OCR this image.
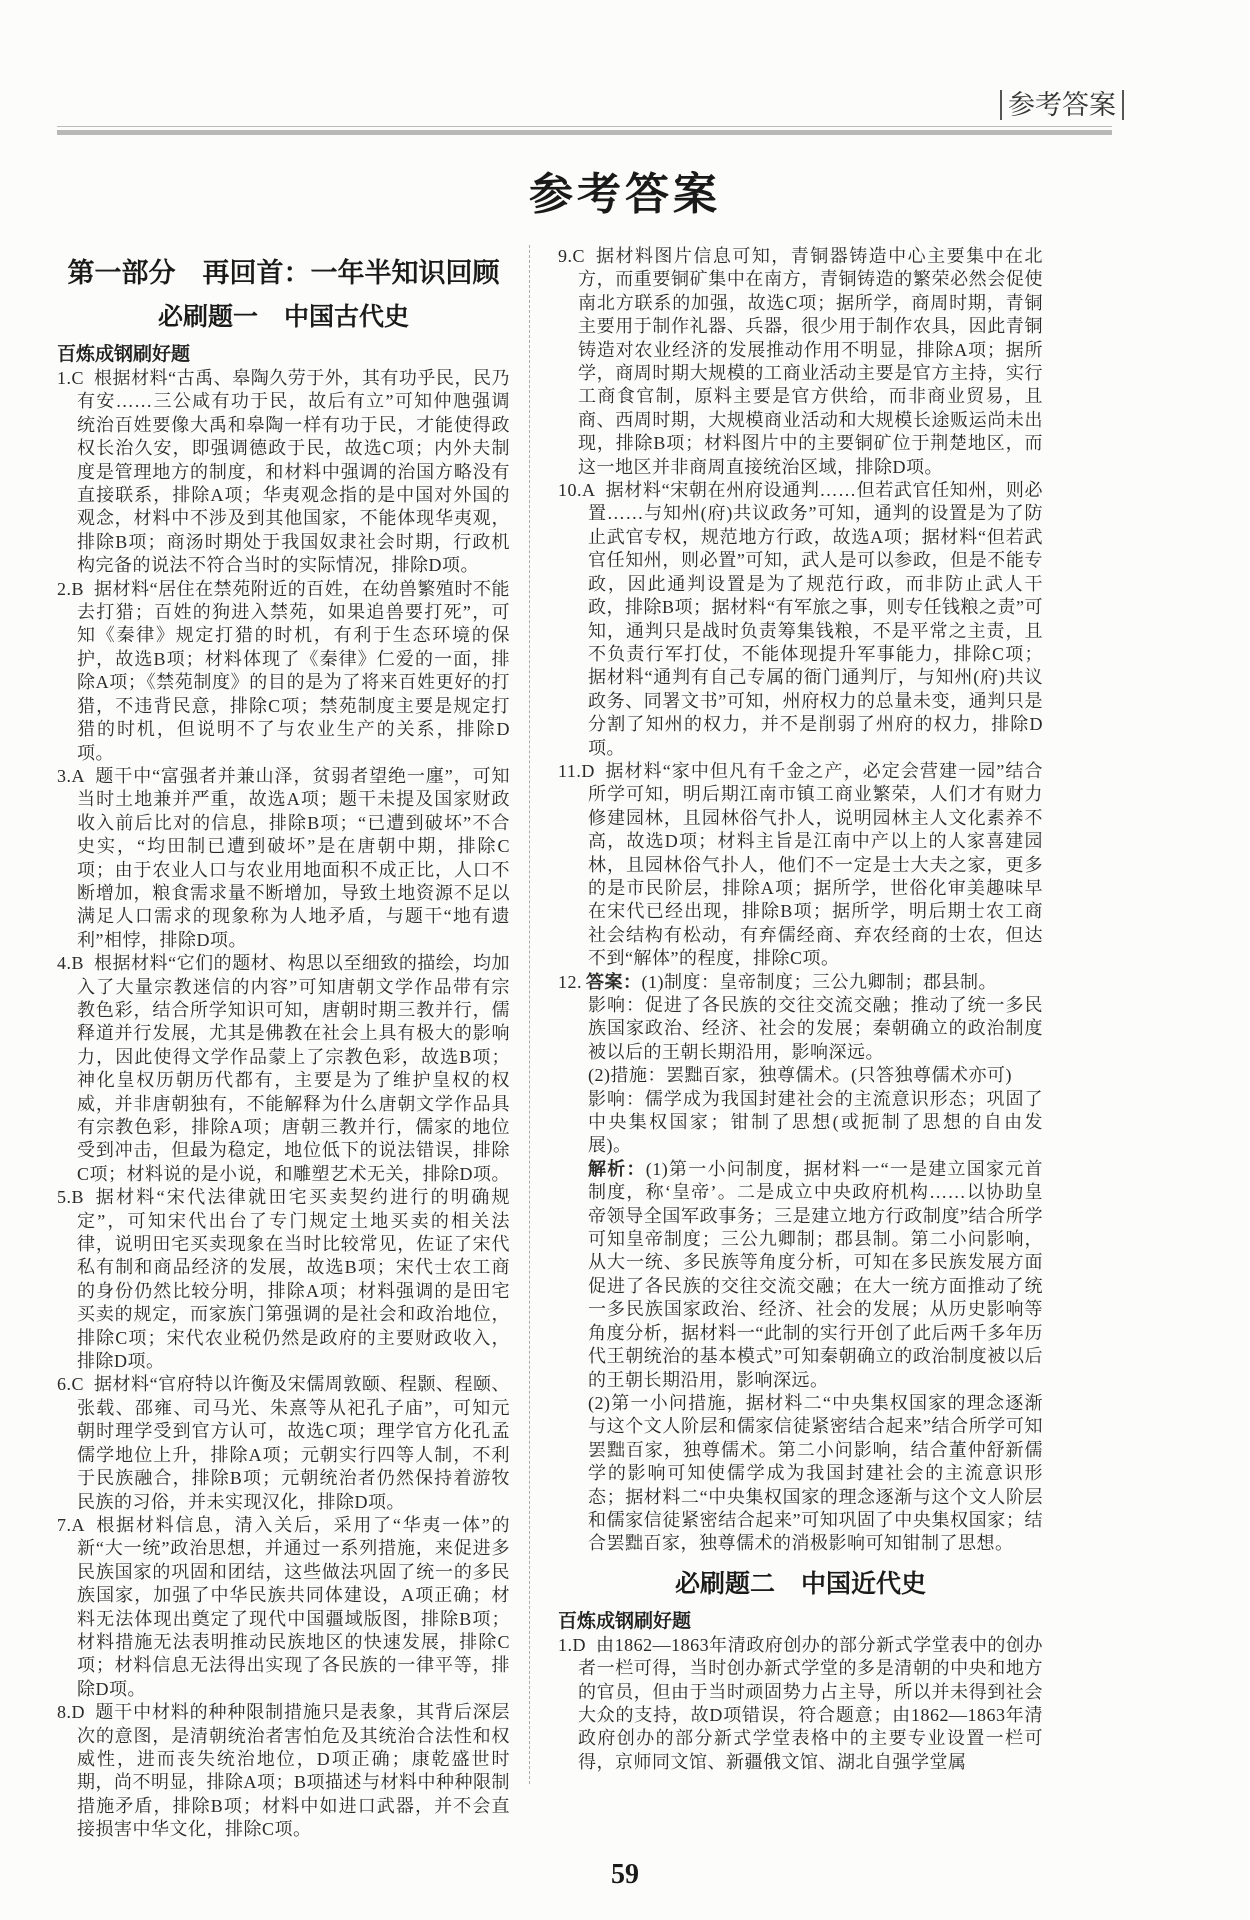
参考答案
参考答案
第一部分　再回首：一年半知识回顾
必刷题一 中国古代史
百炼成钢刷好题

1.C 根据材料“古禹、皋陶久劳于外，其有功乎民，民乃有安……三公咸有功于民，故后有立”可知仲虺强调统治百姓要像大禹和皋陶一样有功于民，才能使得政权长治久安，即强调德政于民，故选C项；内外夫制度是管理地方的制度，和材料中强调的治国方略没有直接联系，排除A项；华夷观念指的是中国对外国的观念，材料中不涉及到其他国家，不能体现华夷观，排除B项；商汤时期处于我国奴隶社会时期，行政机构完备的说法不符合当时的实际情况，排除D项。

2.B 据材料“居住在禁苑附近的百姓，在幼兽繁殖时不能去打猎；百姓的狗进入禁苑，如果追兽要打死”，可知《秦律》规定打猎的时机，有利于生态环境的保护，故选B项；材料体现了《秦律》仁爱的一面，排除A项；《禁苑制度》的目的是为了将来百姓更好的打猎，不违背民意，排除C项；禁苑制度主要是规定打猎的时机，但说明不了与农业生产的关系，排除D项。

3.A 题干中“富强者并兼山泽，贫弱者望绝一廛”，可知当时土地兼并严重，故选A项；题干未提及国家财政收入前后比对的信息，排除B项；“已遭到破坏”不合史实，“均田制已遭到破坏”是在唐朝中期，排除C项；由于农业人口与农业用地面积不成正比，人口不断增加，粮食需求量不断增加，导致土地资源不足以满足人口需求的现象称为人地矛盾，与题干“地有遗利”相悖，排除D项。

4.B 根据材料“它们的题材、构思以至细致的描绘，均加入了大量宗教迷信的内容”可知唐朝文学作品带有宗教色彩，结合所学知识可知，唐朝时期三教并行，儒释道并行发展，尤其是佛教在社会上具有极大的影响力，因此使得文学作品蒙上了宗教色彩，故选B项；神化皇权历朝历代都有，主要是为了维护皇权的权威，并非唐朝独有，不能解释为什么唐朝文学作品具有宗教色彩，排除A项；唐朝三教并行，儒家的地位受到冲击，但最为稳定，地位低下的说法错误，排除C项；材料说的是小说，和雕塑艺术无关，排除D项。

5.B 据材料“宋代法律就田宅买卖契约进行的明确规定”，可知宋代出台了专门规定土地买卖的相关法律，说明田宅买卖现象在当时比较常见，佐证了宋代私有制和商品经济的发展，故选B项；宋代士农工商的身份仍然比较分明，排除A项；材料强调的是田宅买卖的规定，而家族门第强调的是社会和政治地位，排除C项；宋代农业税仍然是政府的主要财政收入，排除D项。

6.C 据材料“官府特以许衡及宋儒周敦颐、程颢、程颐、张载、邵雍、司马光、朱熹等从祀孔子庙”，可知元朝时理学受到官方认可，故选C项；理学官方化孔孟儒学地位上升，排除A项；元朝实行四等人制，不利于民族融合，排除B项；元朝统治者仍然保持着游牧民族的习俗，并未实现汉化，排除D项。

7.A 根据材料信息，清入关后，采用了“华夷一体”的新“大一统”政治思想，并通过一系列措施，来促进多民族国家的巩固和团结，这些做法巩固了统一的多民族国家，加强了中华民族共同体建设，A项正确；材料无法体现出奠定了现代中国疆域版图，排除B项；材料措施无法表明推动民族地区的快速发展，排除C项；材料信息无法得出实现了各民族的一律平等，排除D项。

8.D 题干中材料的种种限制措施只是表象，其背后深层次的意图，是清朝统治者害怕危及其统治合法性和权威性，进而丧失统治地位，D项正确；康乾盛世时期，尚不明显，排除A项；B项描述与材料中种种限制措施矛盾，排除B项；材料中如进口武器，并不会直接损害中华文化，排除C项。

9.C 据材料图片信息可知，青铜器铸造中心主要集中在北方，而重要铜矿集中在南方，青铜铸造的繁荣必然会促使南北方联系的加强，故选C项；据所学，商周时期，青铜主要用于制作礼器、兵器，很少用于制作农具，因此青铜铸造对农业经济的发展推动作用不明显，排除A项；据所学，商周时期大规模的工商业活动主要是官方主持，实行工商食官制，原料主要是官方供给，而非商业贸易，且商、西周时期，大规模商业活动和大规模长途贩运尚未出现，排除B项；材料图片中的主要铜矿位于荆楚地区，而这一地区并非商周直接统治区域，排除D项。

10.A 据材料“宋朝在州府设通判……但若武官任知州，则必置……与知州(府)共议政务”可知，通判的设置是为了防止武官专权，规范地方行政，故选A项；据材料“但若武官任知州，则必置”可知，武人是可以参政，但是不能专政，因此通判设置是为了规范行政，而非防止武人干政，排除B项；据材料“有军旅之事，则专任钱粮之责”可知，通判只是战时负责筹集钱粮，不是平常之主责，且不负责行军打仗，不能体现提升军事能力，排除C项；据材料“通判有自己专属的衙门通判厅，与知州(府)共议政务、同署文书”可知，州府权力的总量未变，通判只是分割了知州的权力，并不是削弱了州府的权力，排除D项。

11.D 据材料“家中但凡有千金之产，必定会营建一园”结合所学可知，明后期江南市镇工商业繁荣，人们才有财力修建园林，且园林俗气扑人，说明园林主人文化素养不高，故选D项；材料主旨是江南中产以上的人家喜建园林，且园林俗气扑人，他们不一定是士大夫之家，更多的是市民阶层，排除A项；据所学，世俗化审美趣味早在宋代已经出现，排除B项；据所学，明后期士农工商社会结构有松动，有弃儒经商、弃农经商的士农，但达不到“解体”的程度，排除C项。

12. 答案：(1)制度：皇帝制度；三公九卿制；郡县制。

影响：促进了各民族的交往交流交融；推动了统一多民族国家政治、经济、社会的发展；秦朝确立的政治制度被以后的王朝长期沿用，影响深远。

(2)措施：罢黜百家，独尊儒术。(只答独尊儒术亦可)

影响：儒学成为我国封建社会的主流意识形态；巩固了中央集权国家；钳制了思想(或扼制了思想的自由发展)。

解析：(1)第一小问制度，据材料一“一是建立国家元首制度，称‘皇帝’。二是成立中央政府机构……以协助皇帝领导全国军政事务；三是建立地方行政制度”结合所学可知皇帝制度；三公九卿制；郡县制。第二小问影响，从大一统、多民族等角度分析，可知在多民族发展方面促进了各民族的交往交流交融；在大一统方面推动了统一多民族国家政治、经济、社会的发展；从历史影响等角度分析，据材料一“此制的实行开创了此后两千多年历代王朝统治的基本模式”可知秦朝确立的政治制度被以后的王朝长期沿用，影响深远。

(2)第一小问措施，据材料二“中央集权国家的理念逐渐与这个文人阶层和儒家信徒紧密结合起来”结合所学可知罢黜百家，独尊儒术。第二小问影响，结合董仲舒新儒学的影响可知使儒学成为我国封建社会的主流意识形态；据材料二“中央集权国家的理念逐渐与这个文人阶层和儒家信徒紧密结合起来”可知巩固了中央集权国家；结合罢黜百家，独尊儒术的消极影响可知钳制了思想。

必刷题二 中国近代史
百炼成钢刷好题

1.D 由1862—1863年清政府创办的部分新式学堂表中的创办者一栏可得，当时创办新式学堂的多是清朝的中央和地方的官员，但由于当时顽固势力占主导，所以并未得到社会大众的支持，故D项错误，符合题意；由1862—1863年清政府创办的部分新式学堂表格中的主要专业设置一栏可得，京师同文馆、新疆俄文馆、湖北自强学堂属

59
